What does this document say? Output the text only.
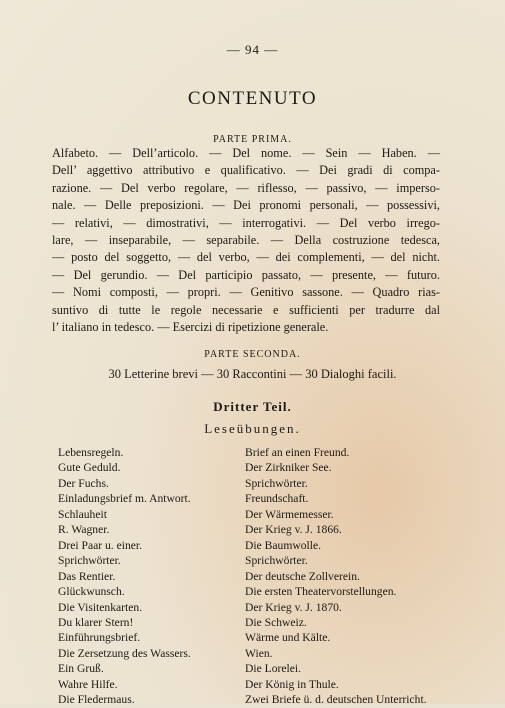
— 94 —
CONTENUTO
PARTE PRIMA.
Alfabeto. — Dell’articolo. — Del nome. — Sein — Haben. —
Dell’ aggettivo attributivo e qualificativo. — Dei gradi di compa-
razione. — Del verbo regolare, — riflesso, — passivo, — imperso-
nale. — Delle preposizioni. — Dei pronomi personali, — possessivi,
— relativi, — dimostrativi, — interrogativi. — Del verbo irrego-
lare, — inseparabile, — separabile. — Della costruzione tedesca,
— posto del soggetto, — del verbo, — dei complementi, — del nicht.
— Del gerundio. — Del participio passato, — presente, — futuro.
— Nomi composti, — propri. — Genitivo sassone. — Quadro rias-
suntivo di tutte le regole necessarie e sufficienti per tradurre dal
l’ italiano in tedesco. — Esercizi di ripetizione generale.
PARTE SECONDA.
30 Letterine brevi — 30 Raccontini — 30 Dialoghi facili.
Dritter Teil.
Leseübungen.
Lebensregeln.
Gute Geduld.
Der Fuchs.
Einladungsbrief m. Antwort.
Schlauheit
R. Wagner.
Drei Paar u. einer.
Sprichwörter.
Das Rentier.
Glückwunsch.
Die Visitenkarten.
Du klarer Stern!
Einführungsbrief.
Die Zersetzung des Wassers.
Ein Gruß.
Wahre Hilfe.
Die Fledermaus.
Brief an einen Freund.
Der Zirkniker See.
Sprichwörter.
Freundschaft.
Der Wärmemesser.
Der Krieg v. J. 1866.
Die Baumwolle.
Sprichwörter.
Der deutsche Zollverein.
Die ersten Theatervorstellungen.
Der Krieg v. J. 1870.
Die Schweiz.
Wärme und Kälte.
Wien.
Die Lorelei.
Der König in Thule.
Zwei Briefe ü. d. deutschen Unterricht.
